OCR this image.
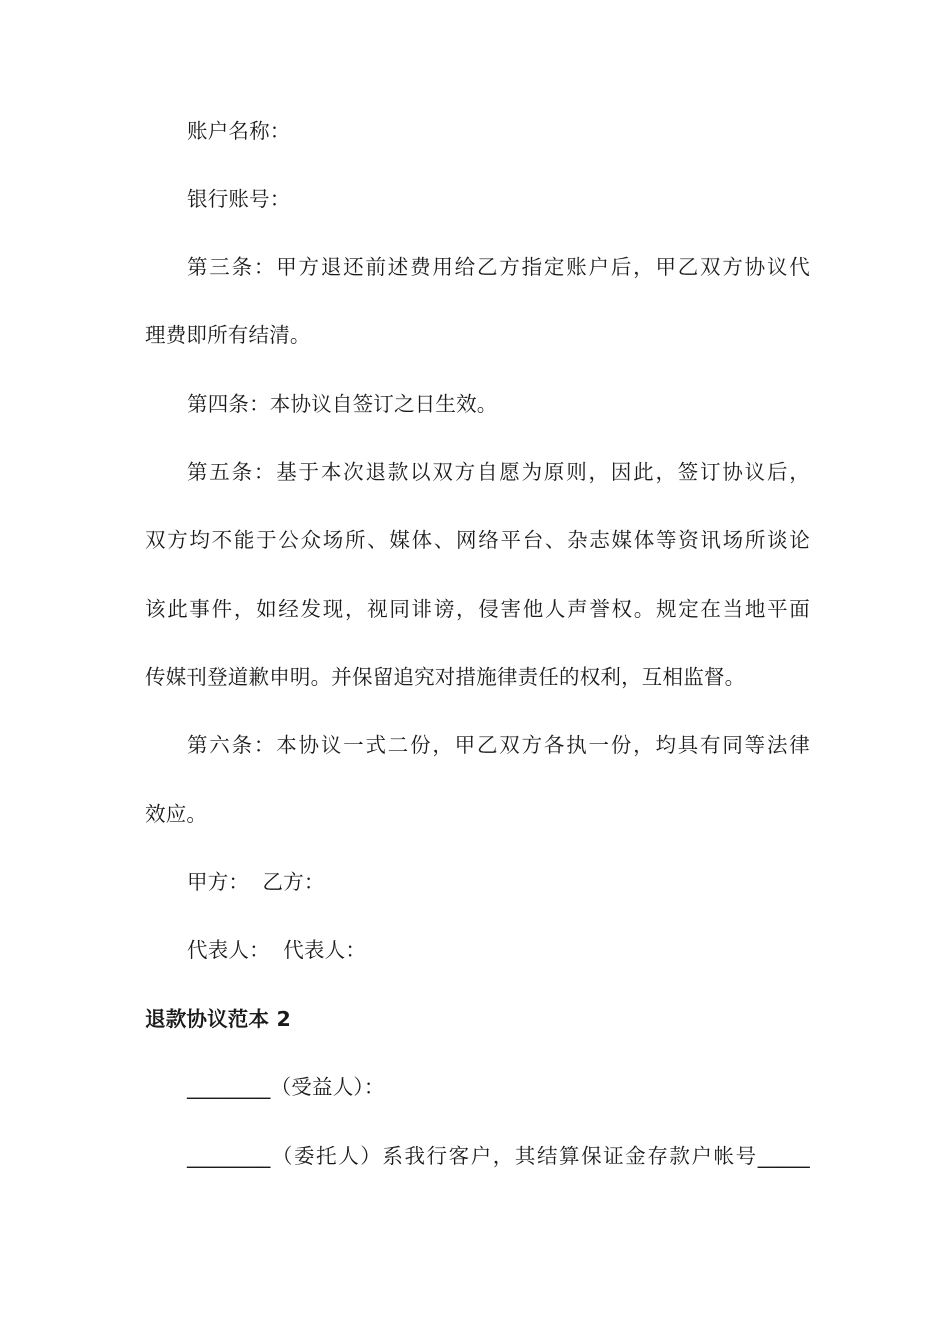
账户名称：
银行账号：
第三条：甲方退还前述费用给乙方指定账户后，甲乙双方协议代
理费即所有结清。
第四条：本协议自签订之日生效。
第五条：基于本次退款以双方自愿为原则，因此，签订协议后，
双方均不能于公众场所、媒体、网络平台、杂志媒体等资讯场所谈论
该此事件，如经发现，视同诽谤，侵害他人声誉权。规定在当地平面
传媒刊登道歉申明。并保留追究对措施律责任的权利，互相监督。
第六条：本协议一式二份，甲乙双方各执一份，均具有同等法律
效应。
甲方：  乙方：
代表人：  代表人：
退款协议范本 2
________（受益人）：
________（委托人）系我行客户，其结算保证金存款户帐号_____
